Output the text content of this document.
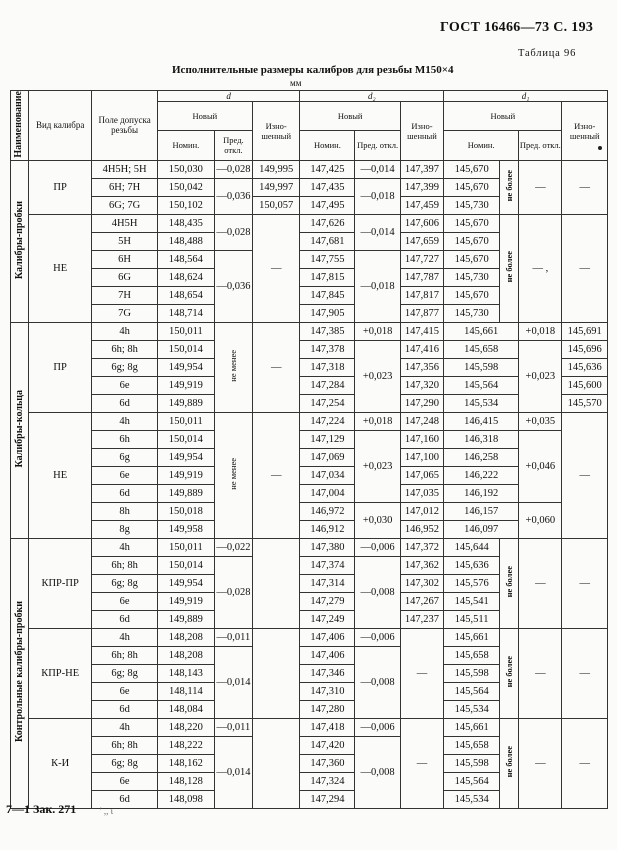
ГОСТ 16466—73 С. 193
Таблица 96
Исполнительные размеры калибров для резьбы М150×4
мм
Наименование	Вид калибра	Поле допуска резьбы	d			d₂			d₁			
			Новый		Изношенный	Новый		Изношенный	Новый			Изношенный
			Номин.	Пред. откл.		Номин.	Пред. откл.		Номин.		Пред. откл.	
Калибры-пробки	ПР	4H5H; 5H	150,030	—0,028	149,995	147,425	—0,014	147,397	145,670	не более	—	—
		6H; 7H	150,042	—0,036	149,997	147,435	—0,018	147,399	145,670			
		6G; 7G	150,102		150,057	147,495		147,459	145,730			
	НЕ	4H5H	148,435	—0,028	—	147,626	—0,014	147,606	145,670	не более	— ,	—
		5H	148,488			147,681		147,659	145,670			
		6H	148,564	—0,036		147,755	—0,018	147,727	145,670			
		6G	148,624			147,815		147,787	145,730			
		7H	148,654			147,845		147,817	145,670			
		7G	148,714			147,905		147,877	145,730			
Калибры-кольца	ПР	4h	150,011	не менее	—	147,385	+0,018	147,415	145,661		+0,018	145,691
		6h; 8h	150,014			147,378	+0,023	147,416	145,658		+0,023	145,696
		6g; 8g	149,954			147,318		147,356	145,598			145,636
		6e	149,919			147,284		147,320	145,564			145,600
		6d	149,889			147,254		147,290	145,534			145,570
	НЕ	4h	150,011	не менее	—	147,224	+0,018	147,248	146,415		+0,035	—
		6h	150,014			147,129	+0,023	147,160	146,318		+0,046	
		6g	149,954			147,069		147,100	146,258			
		6e	149,919			147,034		147,065	146,222			
		6d	149,889			147,004		147,035	146,192			
		8h	150,018			146,972	+0,030	147,012	146,157		+0,060	
		8g	149,958			146,912		146,952	146,097			
Контрольные калибры-пробки	КПР-ПР	4h	150,011	—0,022		147,380	—0,006	147,372	145,644	не более	—	—
		6h; 8h	150,014	—0,028		147,374	—0,008	147,362	145,636			
		6g; 8g	149,954			147,314		147,302	145,576			
		6e	149,919			147,279		147,267	145,541			
		6d	149,889			147,249		147,237	145,511			
	КПР-НЕ	4h	148,208	—0,011		147,406	—0,006	—	145,661	не более	—	—
		6h; 8h	148,208	—0,014		147,406	—0,008		145,658			
		6g; 8g	148,143			147,346			145,598			
		6e	148,114			147,310			145,564			
		6d	148,084			147,280			145,534			
	К-И	4h	148,220	—0,011		147,418	—0,006	—	145,661	не более	—	—
		6h; 8h	148,222	—0,014		147,420	—0,008		145,658			
		6g; 8g	148,162			147,360			145,598			
		6e	148,128			147,324			145,564			
		6d	148,098			147,294			145,534			
7—1 Зак. 271	' ,, ι
